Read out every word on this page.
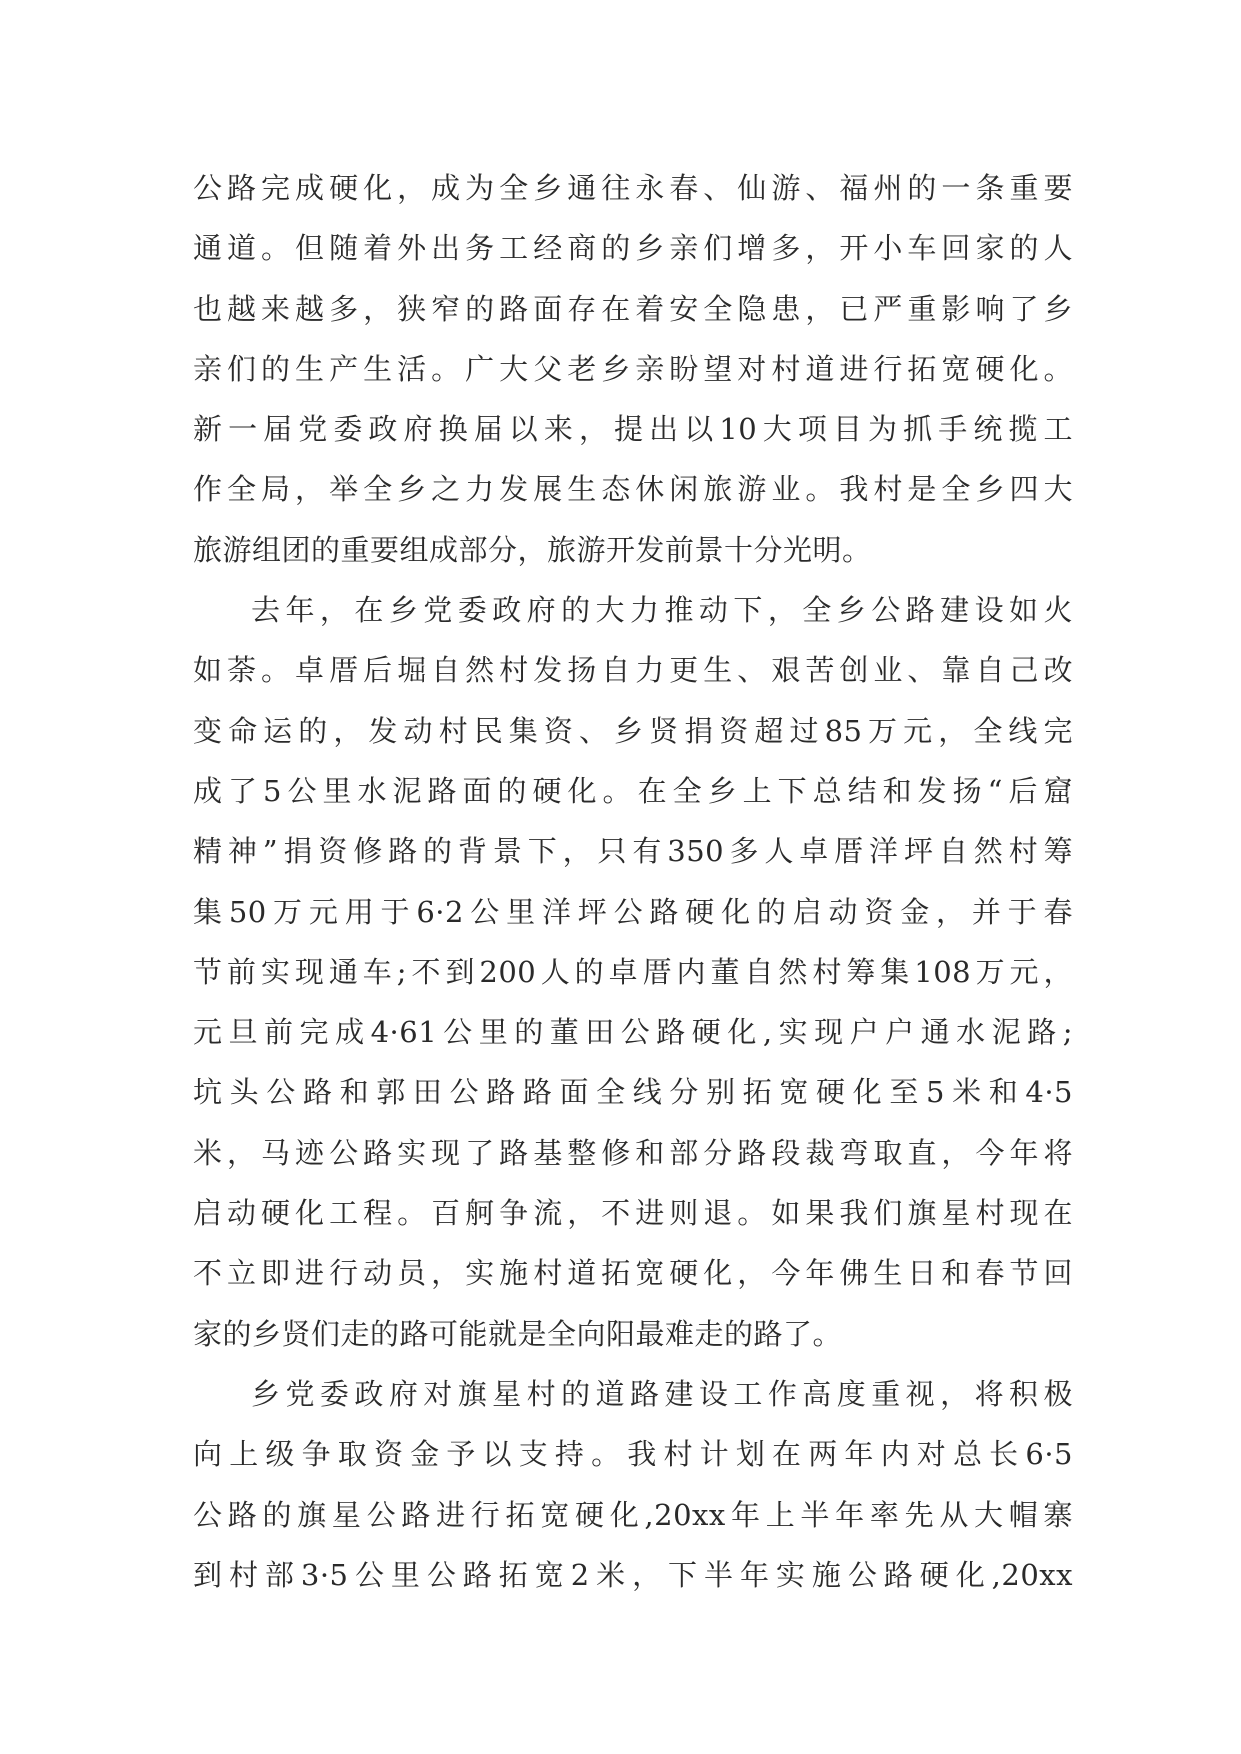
公路完成硬化，成为全乡通往永春、仙游、福州的一条重要
通道。但随着外出务工经商的乡亲们增多，开小车回家的人
也越来越多，狭窄的路面存在着安全隐患，已严重影响了乡
亲们的生产生活。广大父老乡亲盼望对村道进行拓宽硬化。
新一届党委政府换届以来，提出以10大项目为抓手统揽工
作全局，举全乡之力发展生态休闲旅游业。我村是全乡四大
旅游组团的重要组成部分，旅游开发前景十分光明。
去年，在乡党委政府的大力推动下，全乡公路建设如火
如荼。卓厝后堀自然村发扬自力更生、艰苦创业、靠自己改
变命运的，发动村民集资、乡贤捐资超过85万元，全线完
成了5公里水泥路面的硬化。在全乡上下总结和发扬“后窟
精神”捐资修路的背景下，只有350多人卓厝洋坪自然村筹
集50万元用于6·2公里洋坪公路硬化的启动资金，并于春
节前实现通车;不到200人的卓厝内董自然村筹集108万元，
元旦前完成4·61公里的董田公路硬化,实现户户通水泥路;
坑头公路和郭田公路路面全线分别拓宽硬化至5米和4·5
米，马迹公路实现了路基整修和部分路段裁弯取直，今年将
启动硬化工程。百舸争流，不进则退。如果我们旗星村现在
不立即进行动员，实施村道拓宽硬化，今年佛生日和春节回
家的乡贤们走的路可能就是全向阳最难走的路了。
乡党委政府对旗星村的道路建设工作高度重视，将积极
向上级争取资金予以支持。我村计划在两年内对总长6·5
公路的旗星公路进行拓宽硬化,20xx年上半年率先从大帽寨
到村部3·5公里公路拓宽2米，下半年实施公路硬化,20xx
